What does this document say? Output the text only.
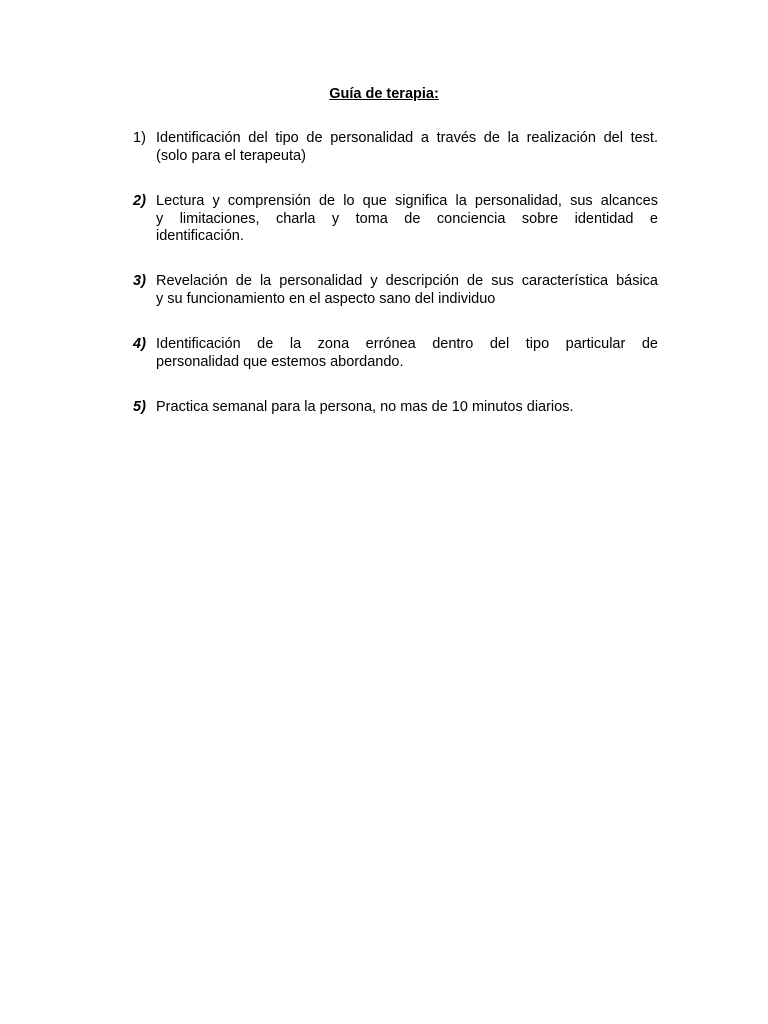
Guía de terapia:
1) Identificación del tipo de personalidad a través de la realización del test.
(solo para el terapeuta)
2) Lectura y comprensión de lo que significa la personalidad, sus alcances
y limitaciones, charla y toma de conciencia sobre identidad e
identificación.
3) Revelación de la personalidad y descripción de sus característica básica
y su funcionamiento en el aspecto sano del individuo
4) Identificación de la zona errónea dentro del tipo particular de
personalidad que estemos abordando.
5) Practica semanal para la persona, no mas de 10 minutos diarios.
